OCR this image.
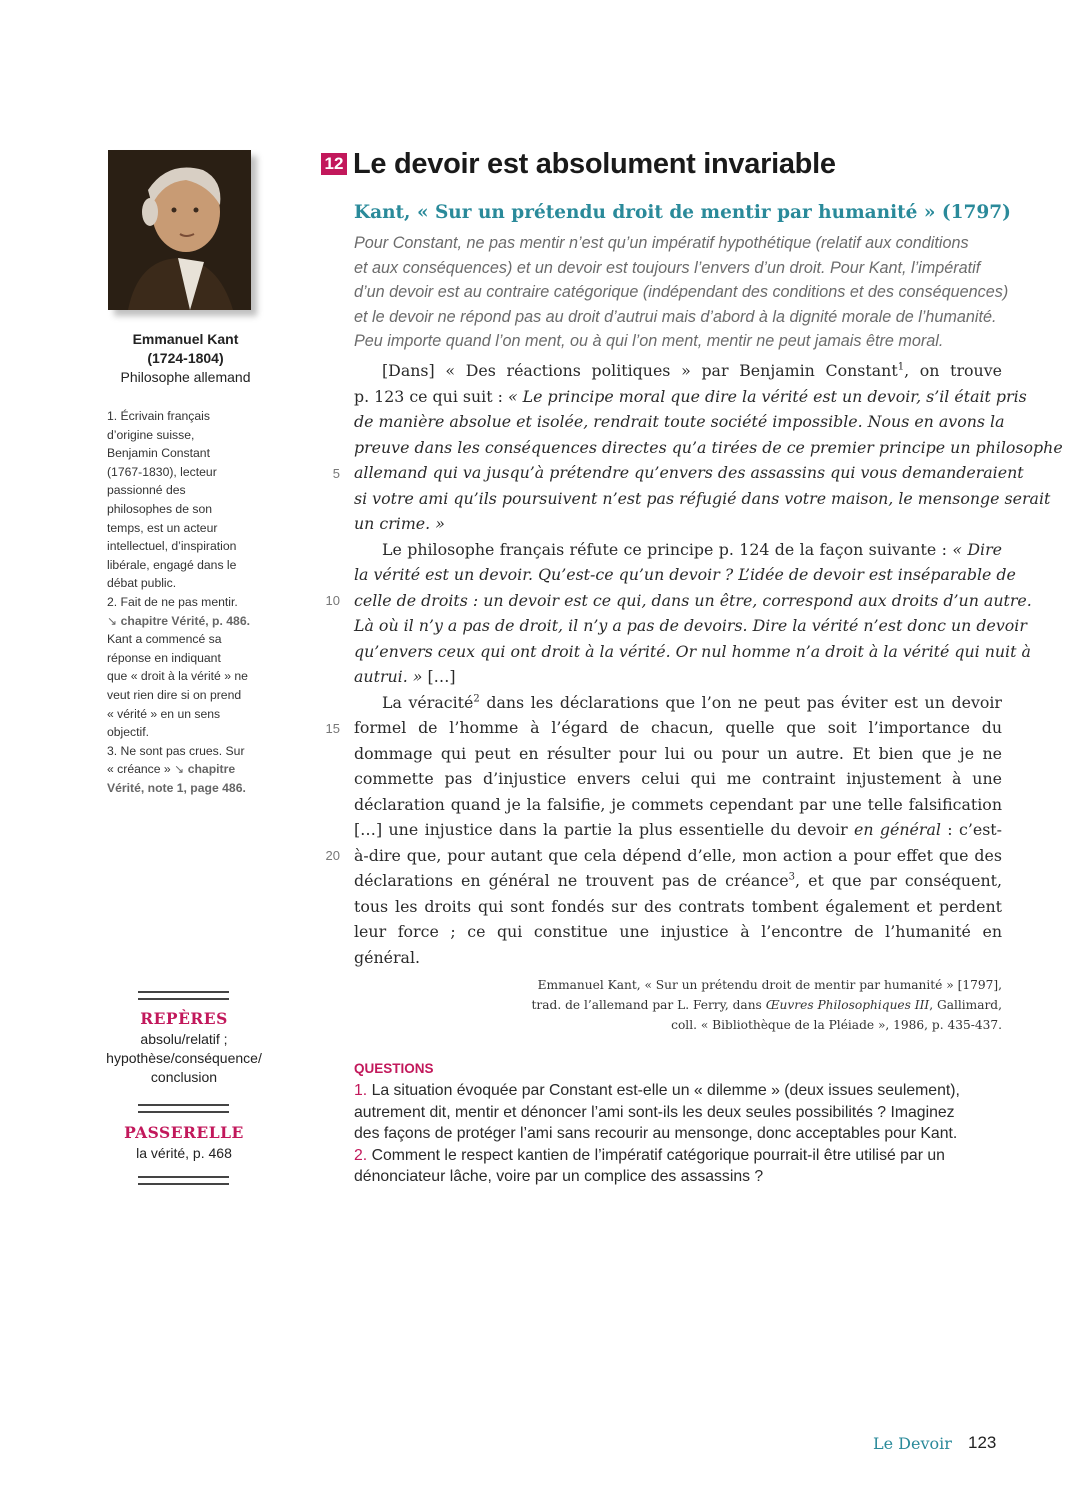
Emmanuel Kant
(1724-1804)
Philosophe allemand

1. Écrivain français

d’origine suisse,

Benjamin Constant

(1767-1830), lecteur

passionné des

philosophes de son

temps, est un acteur

intellectuel, d’inspiration

libérale, engagé dans le

débat public.

2. Fait de ne pas mentir.

↘ chapitre Vérité, p. 486.

Kant a commencé sa

réponse en indiquant

que « droit à la vérité » ne

veut rien dire si on prend

« vérité » en un sens

objectif.

3. Ne sont pas crues. Sur

« créance » ↘ chapitre

Vérité, note 1, page 486.

REPÈRES
absolu/relatif ;
hypothèse/conséquence/
conclusion
PASSERELLE
la vérité, p. 468
12 Le devoir est absolument invariable
Kant, « Sur un prétendu droit de mentir par humanité » (1797)

Pour Constant, ne pas mentir n’est qu’un impératif hypothétique (relatif aux conditions

et aux conséquences) et un devoir est toujours l’envers d’un droit. Pour Kant, l’impératif

d’un devoir est au contraire catégorique (indépendant des conditions et des conséquences)

et le devoir ne répond pas au droit d’autrui mais d’abord à la dignité morale de l’humanité.

Peu importe quand l’on ment, ou à qui l’on ment, mentir ne peut jamais être moral.

[Dans] « Des réactions politiques » par Benjamin Constant$^1$, on trouve
p. 123 ce qui suit : « Le principe moral que dire la vérité est un devoir, s’il était pris
de manière absolue et isolée, rendrait toute société impossible. Nous en avons la
preuve dans les conséquences directes qu’a tirées de ce premier principe un philosophe
allemand qui va jusqu’à prétendre qu’envers des assassins qui vous demanderaient
si votre ami qu’ils poursuivent n’est pas réfugié dans votre maison, le mensonge serait
un crime. »
Le philosophe français réfute ce principe p. 124 de la façon suivante : « Dire
la vérité est un devoir. Qu’est-ce qu’un devoir ? L’idée de devoir est inséparable de
celle de droits : un devoir est ce qui, dans un être, correspond aux droits d’un autre.
Là où il n’y a pas de droit, il n’y a pas de devoirs. Dire la vérité n’est donc un devoir
qu’envers ceux qui ont droit à la vérité. Or nul homme n’a droit à la vérité qui nuit à
autrui. » […]
La véracité$^2$ dans les déclarations que l’on ne peut pas éviter est un devoir
formel de l’homme à l’égard de chacun, quelle que soit l’importance du
dommage qui peut en résulter pour lui ou pour un autre. Et bien que je ne
commette pas d’injustice envers celui qui me contraint injustement à une
déclaration quand je la falsifie, je commets cependant par une telle falsification
[…] une injustice dans la partie la plus essentielle du devoir en général : c’est-
à-dire que, pour autant que cela dépend d’elle, mon action a pour effet que des
déclarations en général ne trouvent pas de créance$^3$, et que par conséquent,
tous les droits qui sont fondés sur des contrats tombent également et perdent
leur force ; ce qui constitue une injustice à l’encontre de l’humanité en
général.
5
10
15
20

Emmanuel Kant, « Sur un prétendu droit de mentir par humanité » [1797],

trad. de l’allemand par L. Ferry, dans Œuvres Philosophiques III, Gallimard,

coll. « Bibliothèque de la Pléiade », 1986, p. 435-437.

QUESTIONS

1. La situation évoquée par Constant est-elle un « dilemme » (deux issues seulement),

autrement dit, mentir et dénoncer l’ami sont-ils les deux seules possibilités ? Imaginez

des façons de protéger l’ami sans recourir au mensonge, donc acceptables pour Kant.

2. Comment le respect kantien de l’impératif catégorique pourrait-il être utilisé par un

dénonciateur lâche, voire par un complice des assassins ?

Le Devoir 123
